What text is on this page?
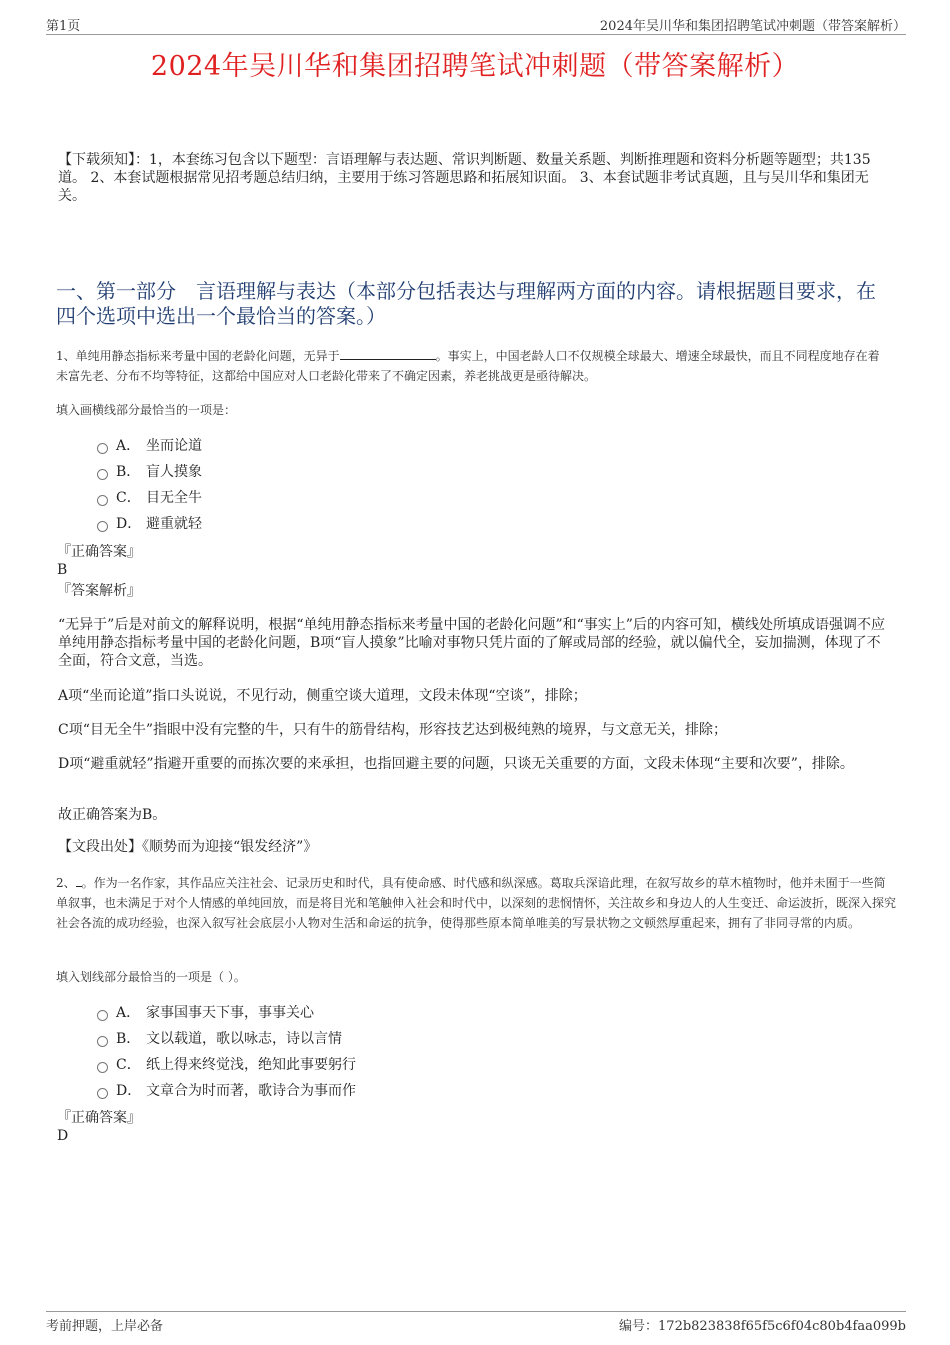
第1页	2024年吴川华和集团招聘笔试冲刺题（带答案解析）
2024年吴川华和集团招聘笔试冲刺题（带答案解析）
【下载须知】：1，本套练习包含以下题型：言语理解与表达题、常识判断题、数量关系题、判断推理题和资料分析题等题型；共135道。 2、本套试题根据常见招考题总结归纳，主要用于练习答题思路和拓展知识面。 3、本套试题非考试真题，且与吴川华和集团无关。
一、第一部分　言语理解与表达（本部分包括表达与理解两方面的内容。请根据题目要求，在四个选项中选出一个最恰当的答案。）
1、单纯用静态指标来考量中国的老龄化问题，无异于	。事实上，中国老龄人口不仅规模全球最大、增速全球最快，而且不同程度地存在着未富先老、分布不均等特征，这都给中国应对人口老龄化带来了不确定因素，养老挑战更是亟待解决。
填入画横线部分最恰当的一项是：
A． 坐而论道
B． 盲人摸象
C． 目无全牛
D． 避重就轻
『正确答案』
B
『答案解析』
“无异于”后是对前文的解释说明，根据“单纯用静态指标来考量中国的老龄化问题”和“事实上”后的内容可知，横线处所填成语强调不应单纯用静态指标考量中国的老龄化问题，B项“盲人摸象”比喻对事物只凭片面的了解或局部的经验，就以偏代全，妄加揣测，体现了不全面，符合文意，当选。
A项“坐而论道”指口头说说，不见行动，侧重空谈大道理，文段未体现“空谈”，排除；
C项“目无全牛”指眼中没有完整的牛，只有牛的筋骨结构，形容技艺达到极纯熟的境界，与文意无关，排除；
D项“避重就轻”指避开重要的而拣次要的来承担，也指回避主要的问题，只谈无关重要的方面，文段未体现“主要和次要”，排除。
故正确答案为B。
【文段出处】《顺势而为迎接“银发经济”》
2、 。作为一名作家，其作品应关注社会、记录历史和时代，具有使命感、时代感和纵深感。葛取兵深谙此理，在叙写故乡的草木植物时，他并未囿于一些简单叙事，也未满足于对个人情感的单纯回放，而是将目光和笔触伸入社会和时代中，以深刻的悲悯情怀，关注故乡和身边人的人生变迁、命运波折，既深入探究社会各流的成功经验，也深入叙写社会底层小人物对生活和命运的抗争，使得那些原本简单唯美的写景状物之文顿然厚重起来，拥有了非同寻常的内质。
填入划线部分最恰当的一项是（ ）。
A． 家事国事天下事，事事关心
B． 文以载道，歌以咏志，诗以言情
C． 纸上得来终觉浅，绝知此事要躬行
D． 文章合为时而著，歌诗合为事而作
『正确答案』
D
考前押题，上岸必备	编号：172b823838f65f5c6f04c80b4faa099b
